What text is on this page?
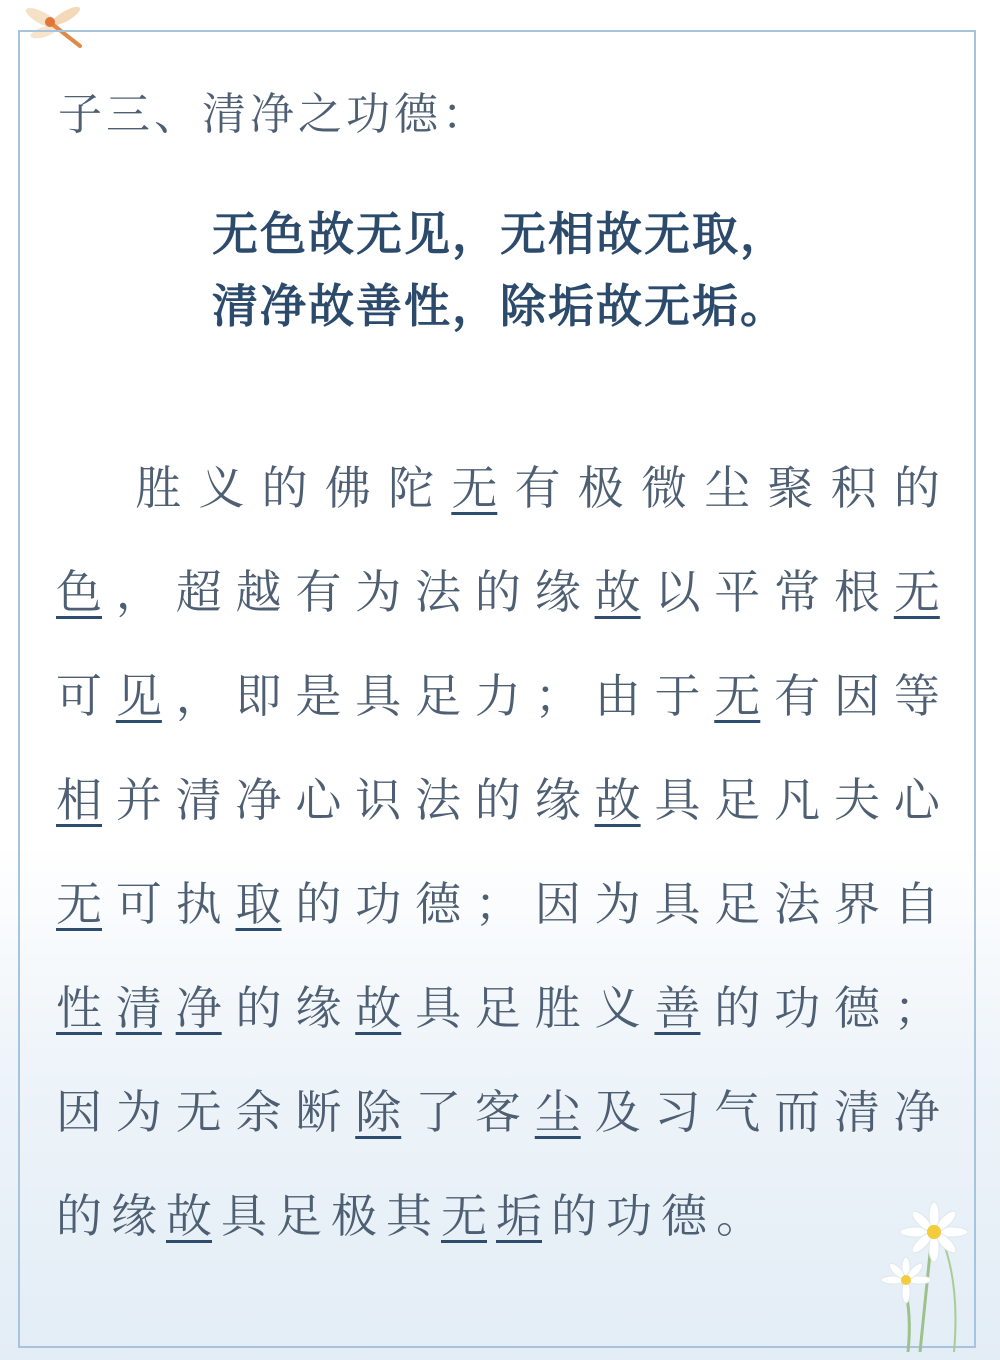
子三、清净之功德：
无色故无见，无相故无取，
清净故善性，除垢故无垢。
胜 义 的 佛 陀 无 有 极 微 尘 聚 积 的
色 ， 超 越 有 为 法 的 缘 故 以 平 常 根 无
可 见 ， 即 是 具 足 力 ； 由 于 无 有 因 等
相 并 清 净 心 识 法 的 缘 故 具 足 凡 夫 心
无 可 执 取 的 功 德 ； 因 为 具 足 法 界 自
性 清 净 的 缘 故 具 足 胜 义 善 的 功 德 ；
因 为 无 余 断 除 了 客 尘 及 习 气 而 清 净
的 缘 故 具 足 极 其 无 垢 的 功 德 。
